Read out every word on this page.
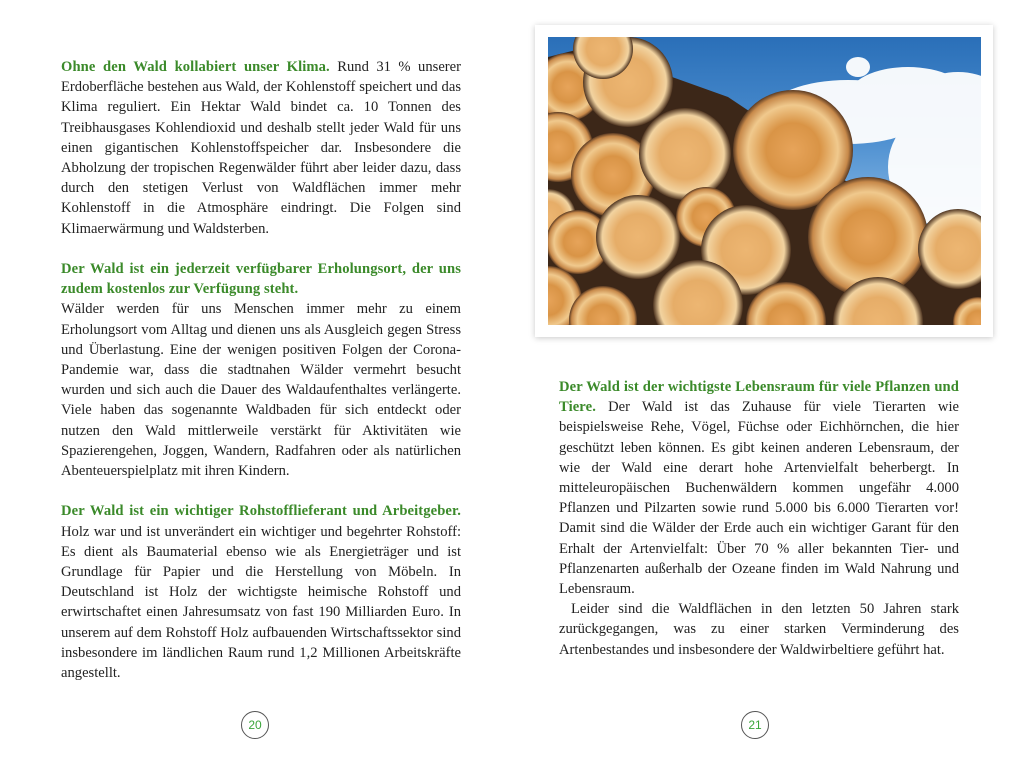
Ohne den Wald kollabiert unser Klima. Rund 31 % unserer Erdoberfläche bestehen aus Wald, der Kohlenstoff speichert und das Klima reguliert. Ein Hektar Wald bindet ca. 10 Tonnen des Treibhausgases Kohlendioxid und deshalb stellt jeder Wald für uns einen gigantischen Kohlenstoffspeicher dar. Insbesondere die Abholzung der tropischen Regenwälder führt aber leider dazu, dass durch den stetigen Verlust von Waldflächen immer mehr Kohlenstoff in die Atmosphäre eindringt. Die Folgen sind Klimaerwärmung und Waldsterben.

Der Wald ist ein jederzeit verfügbarer Erholungsort, der uns zudem kostenlos zur Verfügung steht.
Wälder werden für uns Menschen immer mehr zu einem Erholungsort vom Alltag und dienen uns als Ausgleich gegen Stress und Überlastung. Eine der wenigen positiven Folgen der Corona-Pandemie war, dass die stadtnahen Wälder vermehrt besucht wurden und sich auch die Dauer des Waldaufenthaltes verlängerte. Viele haben das sogenannte Waldbaden für sich entdeckt oder nutzen den Wald mittlerweile verstärkt für Aktivitäten wie Spazierengehen, Joggen, Wandern, Radfahren oder als natürlichen Abenteuerspielplatz mit ihren Kindern.

Der Wald ist ein wichtiger Rohstofflieferant und Arbeitgeber. Holz war und ist unverändert ein wichtiger und begehrter Rohstoff: Es dient als Baumaterial ebenso wie als Energieträger und ist Grundlage für Papier und die Herstellung von Möbeln. In Deutschland ist Holz der wichtigste heimische Rohstoff und erwirtschaftet einen Jahresumsatz von fast 190 Milliarden Euro. In unserem auf dem Rohstoff Holz aufbauenden Wirtschaftssektor sind insbesondere im ländlichen Raum rund 1,2 Millionen Arbeitskräfte angestellt.

20

Der Wald ist der wichtigste Lebensraum für viele Pflanzen und Tiere. Der Wald ist das Zuhause für viele Tierarten wie beispielsweise Rehe, Vögel, Füchse oder Eichhörnchen, die hier geschützt leben können. Es gibt keinen anderen Lebensraum, der wie der Wald eine derart hohe Artenvielfalt beherbergt. In mitteleuropäischen Buchenwäldern kommen ungefähr 4.000 Pflanzen und Pilzarten sowie rund 5.000 bis 6.000 Tierarten vor! Damit sind die Wälder der Erde auch ein wichtiger Garant für den Erhalt der Artenvielfalt: Über 70 % aller bekannten Tier- und Pflanzenarten außerhalb der Ozeane finden im Wald Nahrung und Lebensraum.

Leider sind die Waldflächen in den letzten 50 Jahren stark zurückgegangen, was zu einer starken Verminderung des Artenbestandes und insbesondere der Waldwirbeltiere geführt hat.

21
